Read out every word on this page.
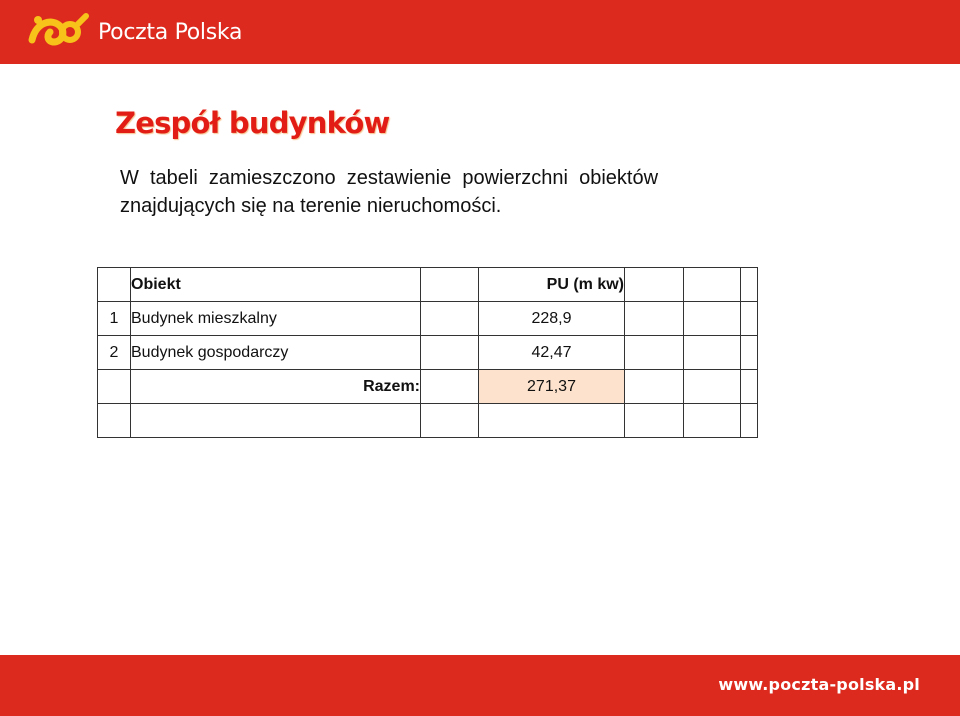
Poczta Polska
Zespół budynków

W  tabeli  zamieszczono  zestawienie  powierzchni  obiektów
znajdujących się na terenie nieruchomości.

	Obiekt		PU (m kw)			
1	Budynek mieszkalny		228,9			
2	Budynek gospodarczy		42,47			
	Razem:		271,37			

www.poczta-polska.pl
